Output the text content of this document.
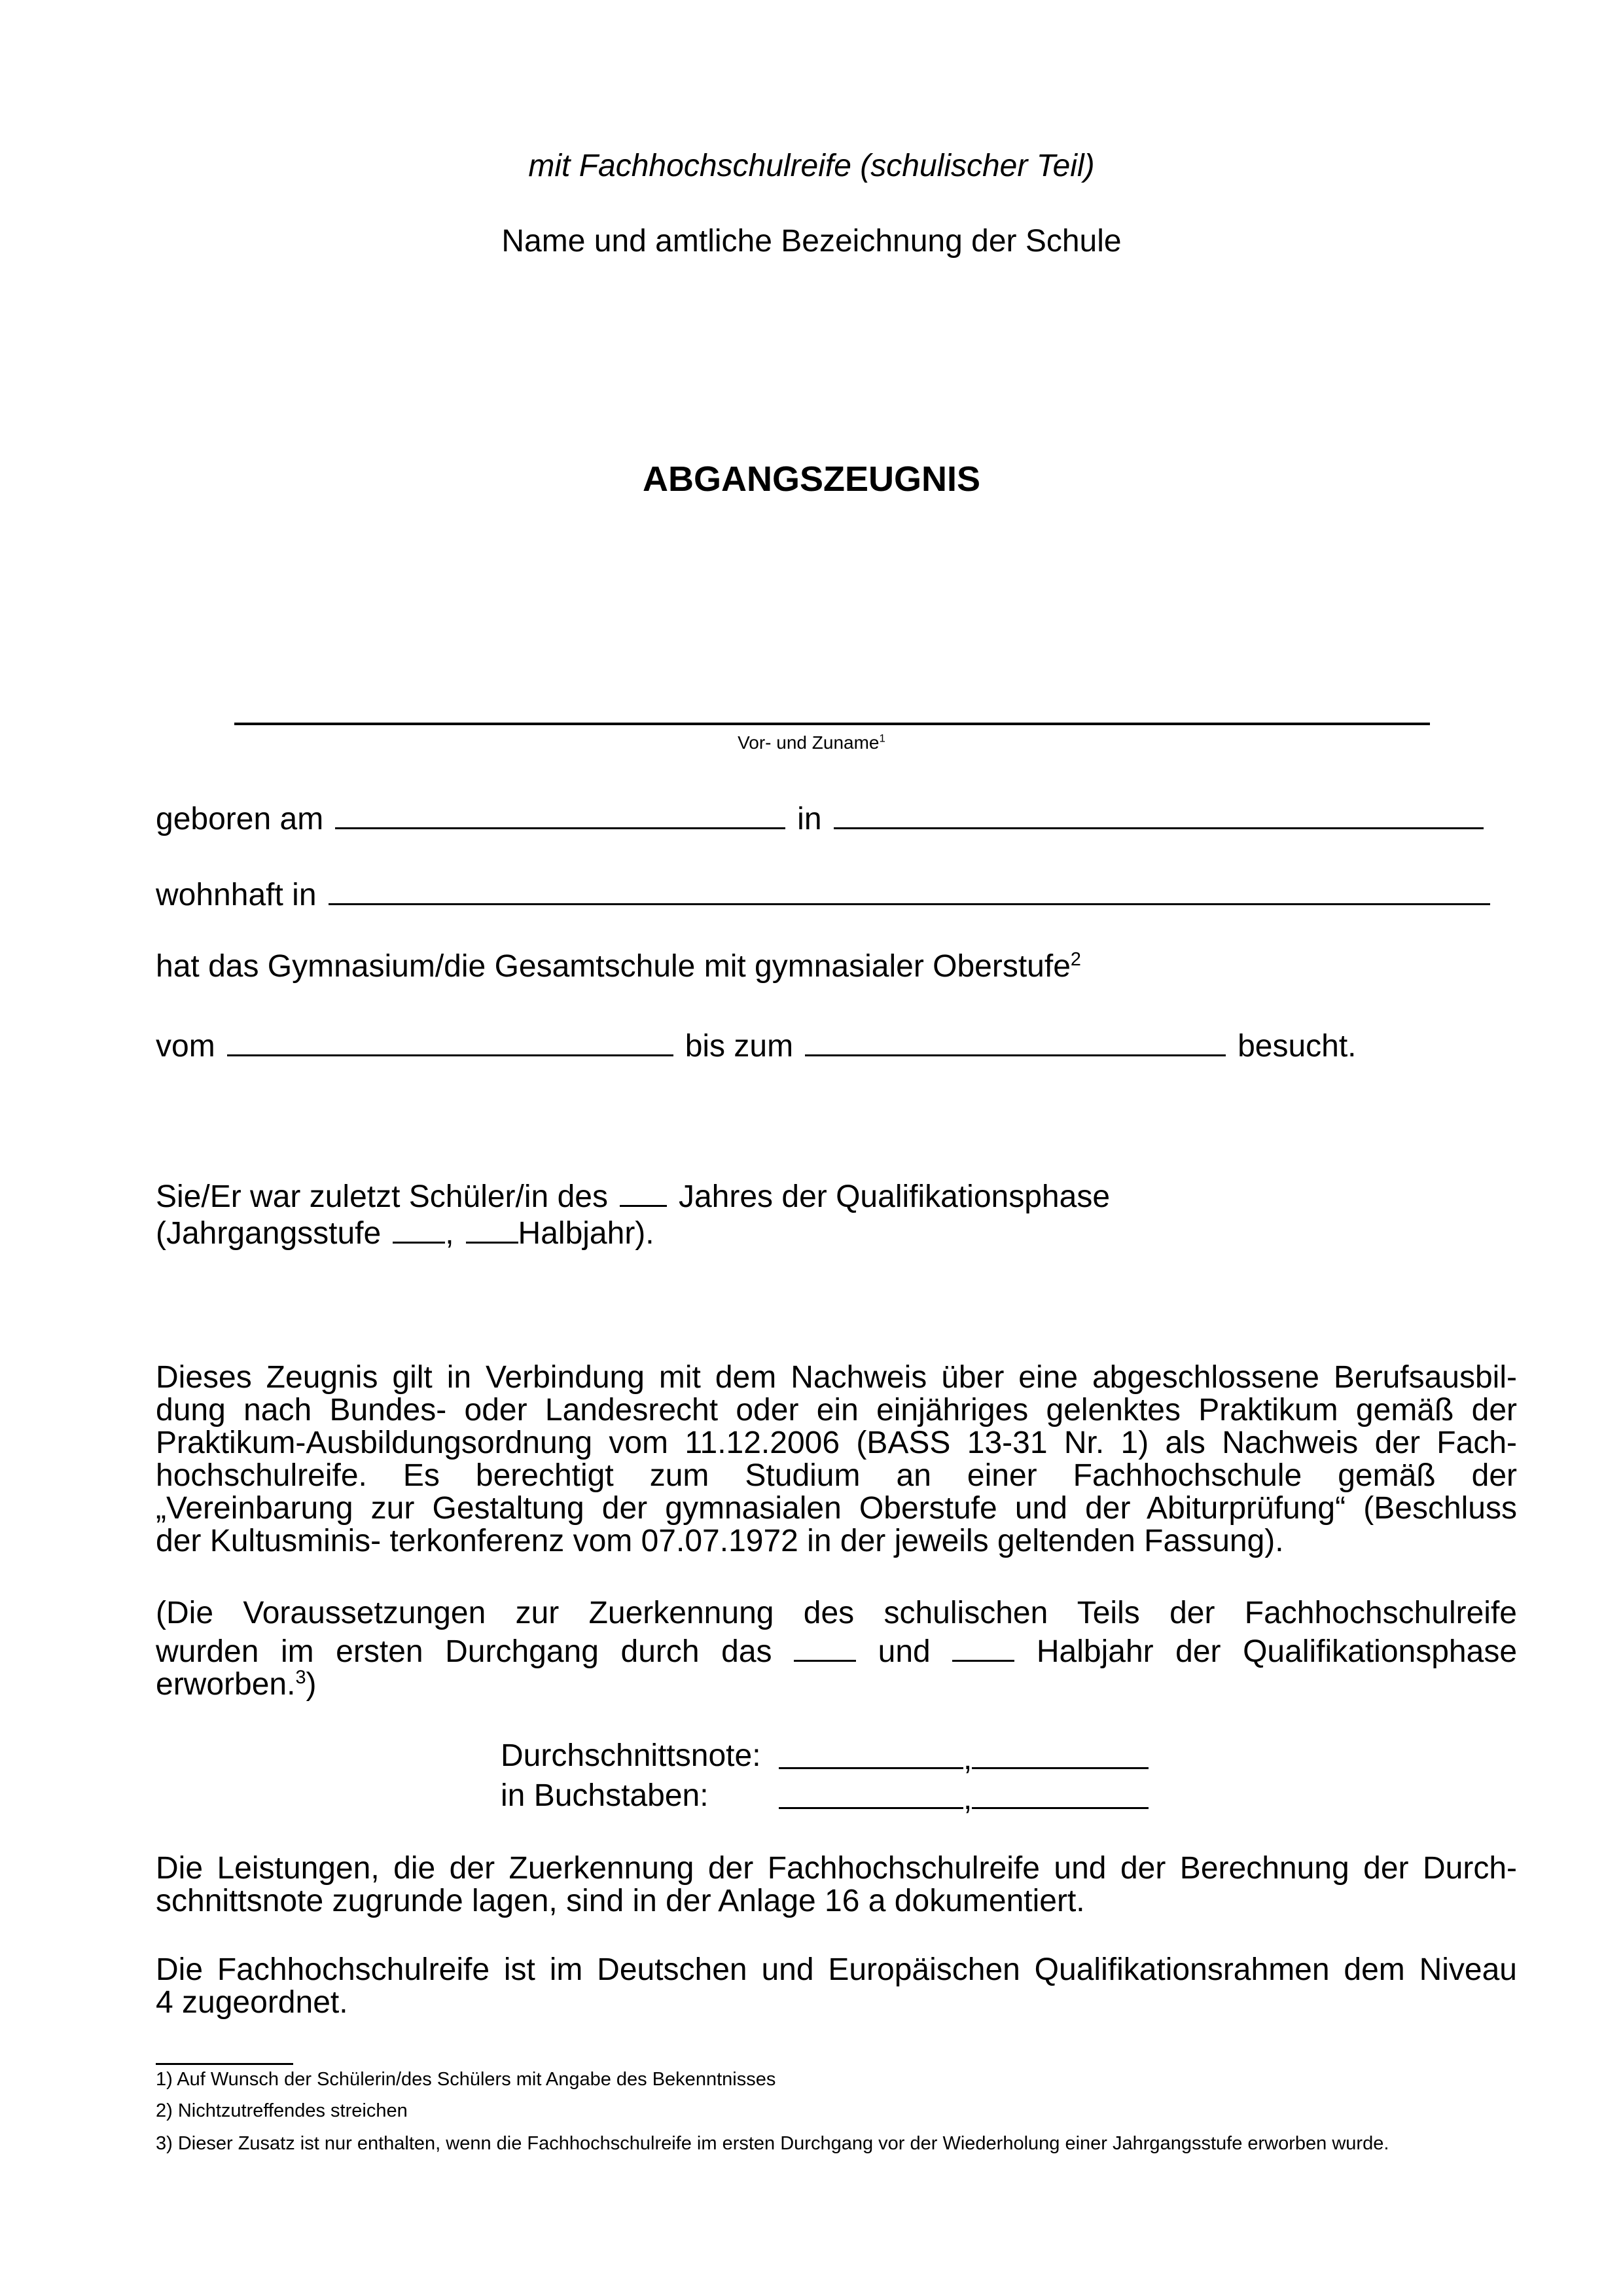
mit Fachhochschulreife (schulischer Teil)
Name und amtliche Bezeichnung der Schule
ABGANGSZEUGNIS
Vor- und Zuname$^1$
geboren am	in
wohnhaft in
hat das Gymnasium/die Gesamtschule mit gymnasialer Oberstufe$^2$
vom	bis zum	besucht.
Sie/Er war zuletzt Schüler/in des Jahres der Qualifikationsphase
(Jahrgangsstufe , Halbjahr).
Dieses Zeugnis gilt in Verbindung mit dem Nachweis über eine abgeschlossene Berufsausbil-
dung nach Bundes- oder Landesrecht oder ein einjähriges gelenktes Praktikum gemäß der
Praktikum-Ausbildungsordnung vom 11.12.2006 (BASS 13-31 Nr. 1) als Nachweis der Fach-
hochschulreife. Es berechtigt zum Studium an einer Fachhochschule gemäß der
„Vereinbarung zur Gestaltung der gymnasialen Oberstufe und der Abiturprüfung“ (Beschluss
der Kultusminis- terkonferenz vom 07.07.1972 in der jeweils geltenden Fassung).
(Die Voraussetzungen zur Zuerkennung des schulischen Teils der Fachhochschulreife
wurden im ersten Durchgang durch das	und	Halbjahr der Qualifikationsphase
erworben.$^3$)
Durchschnittsnote:	,
in Buchstaben:	,
Die Leistungen, die der Zuerkennung der Fachhochschulreife und der Berechnung der Durch-
schnittsnote zugrunde lagen, sind in der Anlage 16 a dokumentiert.
Die Fachhochschulreife ist im Deutschen und Europäischen Qualifikationsrahmen dem Niveau
4 zugeordnet.
1) Auf Wunsch der Schülerin/des Schülers mit Angabe des Bekenntnisses
2) Nichtzutreffendes streichen
3) Dieser Zusatz ist nur enthalten, wenn die Fachhochschulreife im ersten Durchgang vor der Wiederholung einer Jahrgangsstufe erworben wurde.
